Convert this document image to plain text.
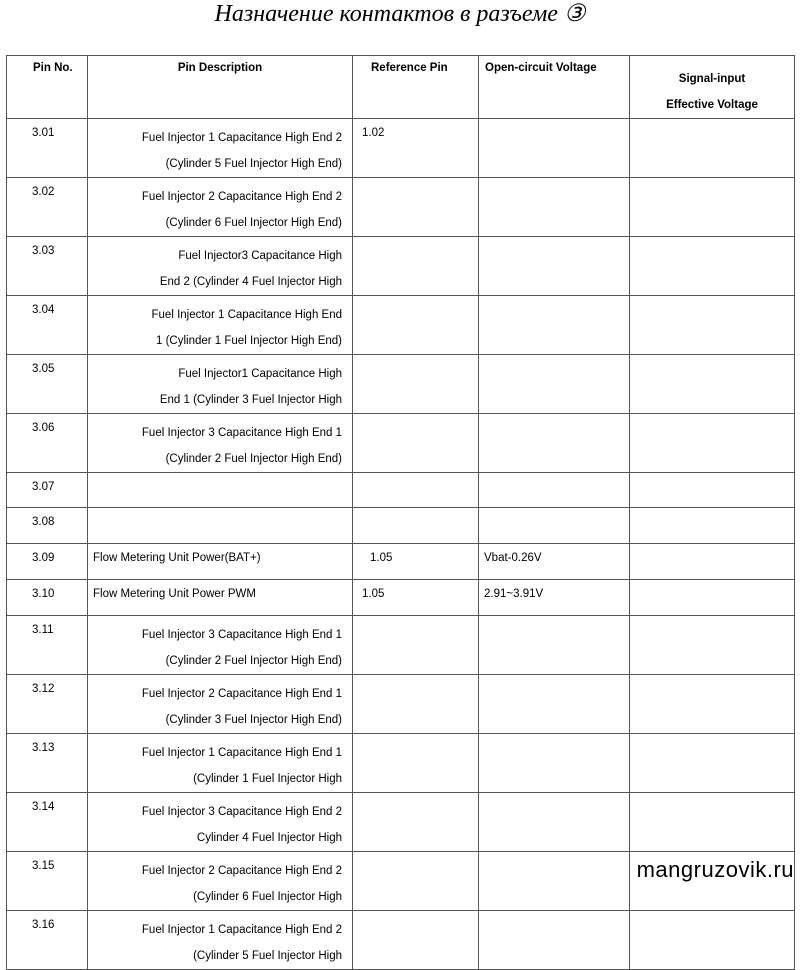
Назначение контактов в разъеме ③
Pin No.	Pin Description	Reference Pin	Open-circuit Voltage	Signal-input
Effective Voltage

3.01	Fuel Injector 1 Capacitance High End 2
(Cylinder 5 Fuel Injector High End)	1.02		
3.02	Fuel Injector 2 Capacitance High End 2
(Cylinder 6 Fuel Injector High End)			

3.03	Fuel Injector3 Capacitance High
End 2 (Cylinder 4 Fuel Injector High			

3.04	Fuel Injector 1 Capacitance High End
1 (Cylinder 1 Fuel Injector High End)			

3.05	Fuel Injector1 Capacitance High
End 1 (Cylinder 3 Fuel Injector High			

3.06	Fuel Injector 3 Capacitance High End 1
(Cylinder 2 Fuel Injector High End)			

3.07				
3.08				
3.09	Flow Metering Unit Power(BAT+)	1.05	Vbat-0.26V	
3.10	Flow Metering Unit Power PWM	1.05	2.91~3.91V	
3.11	Fuel Injector 3 Capacitance High End 1
(Cylinder 2 Fuel Injector High End)			

3.12	Fuel Injector 2 Capacitance High End 1
(Cylinder 3 Fuel Injector High End)			

3.13	Fuel Injector 1 Capacitance High End 1
(Cylinder 1 Fuel Injector High			

3.14	Fuel Injector 3 Capacitance High End 2
Cylinder 4 Fuel Injector High			

3.15	Fuel Injector 2 Capacitance High End 2
(Cylinder 6 Fuel Injector High			

3.16	Fuel Injector 1 Capacitance High End 2
(Cylinder 5 Fuel Injector High			

mangruzovik.ru
